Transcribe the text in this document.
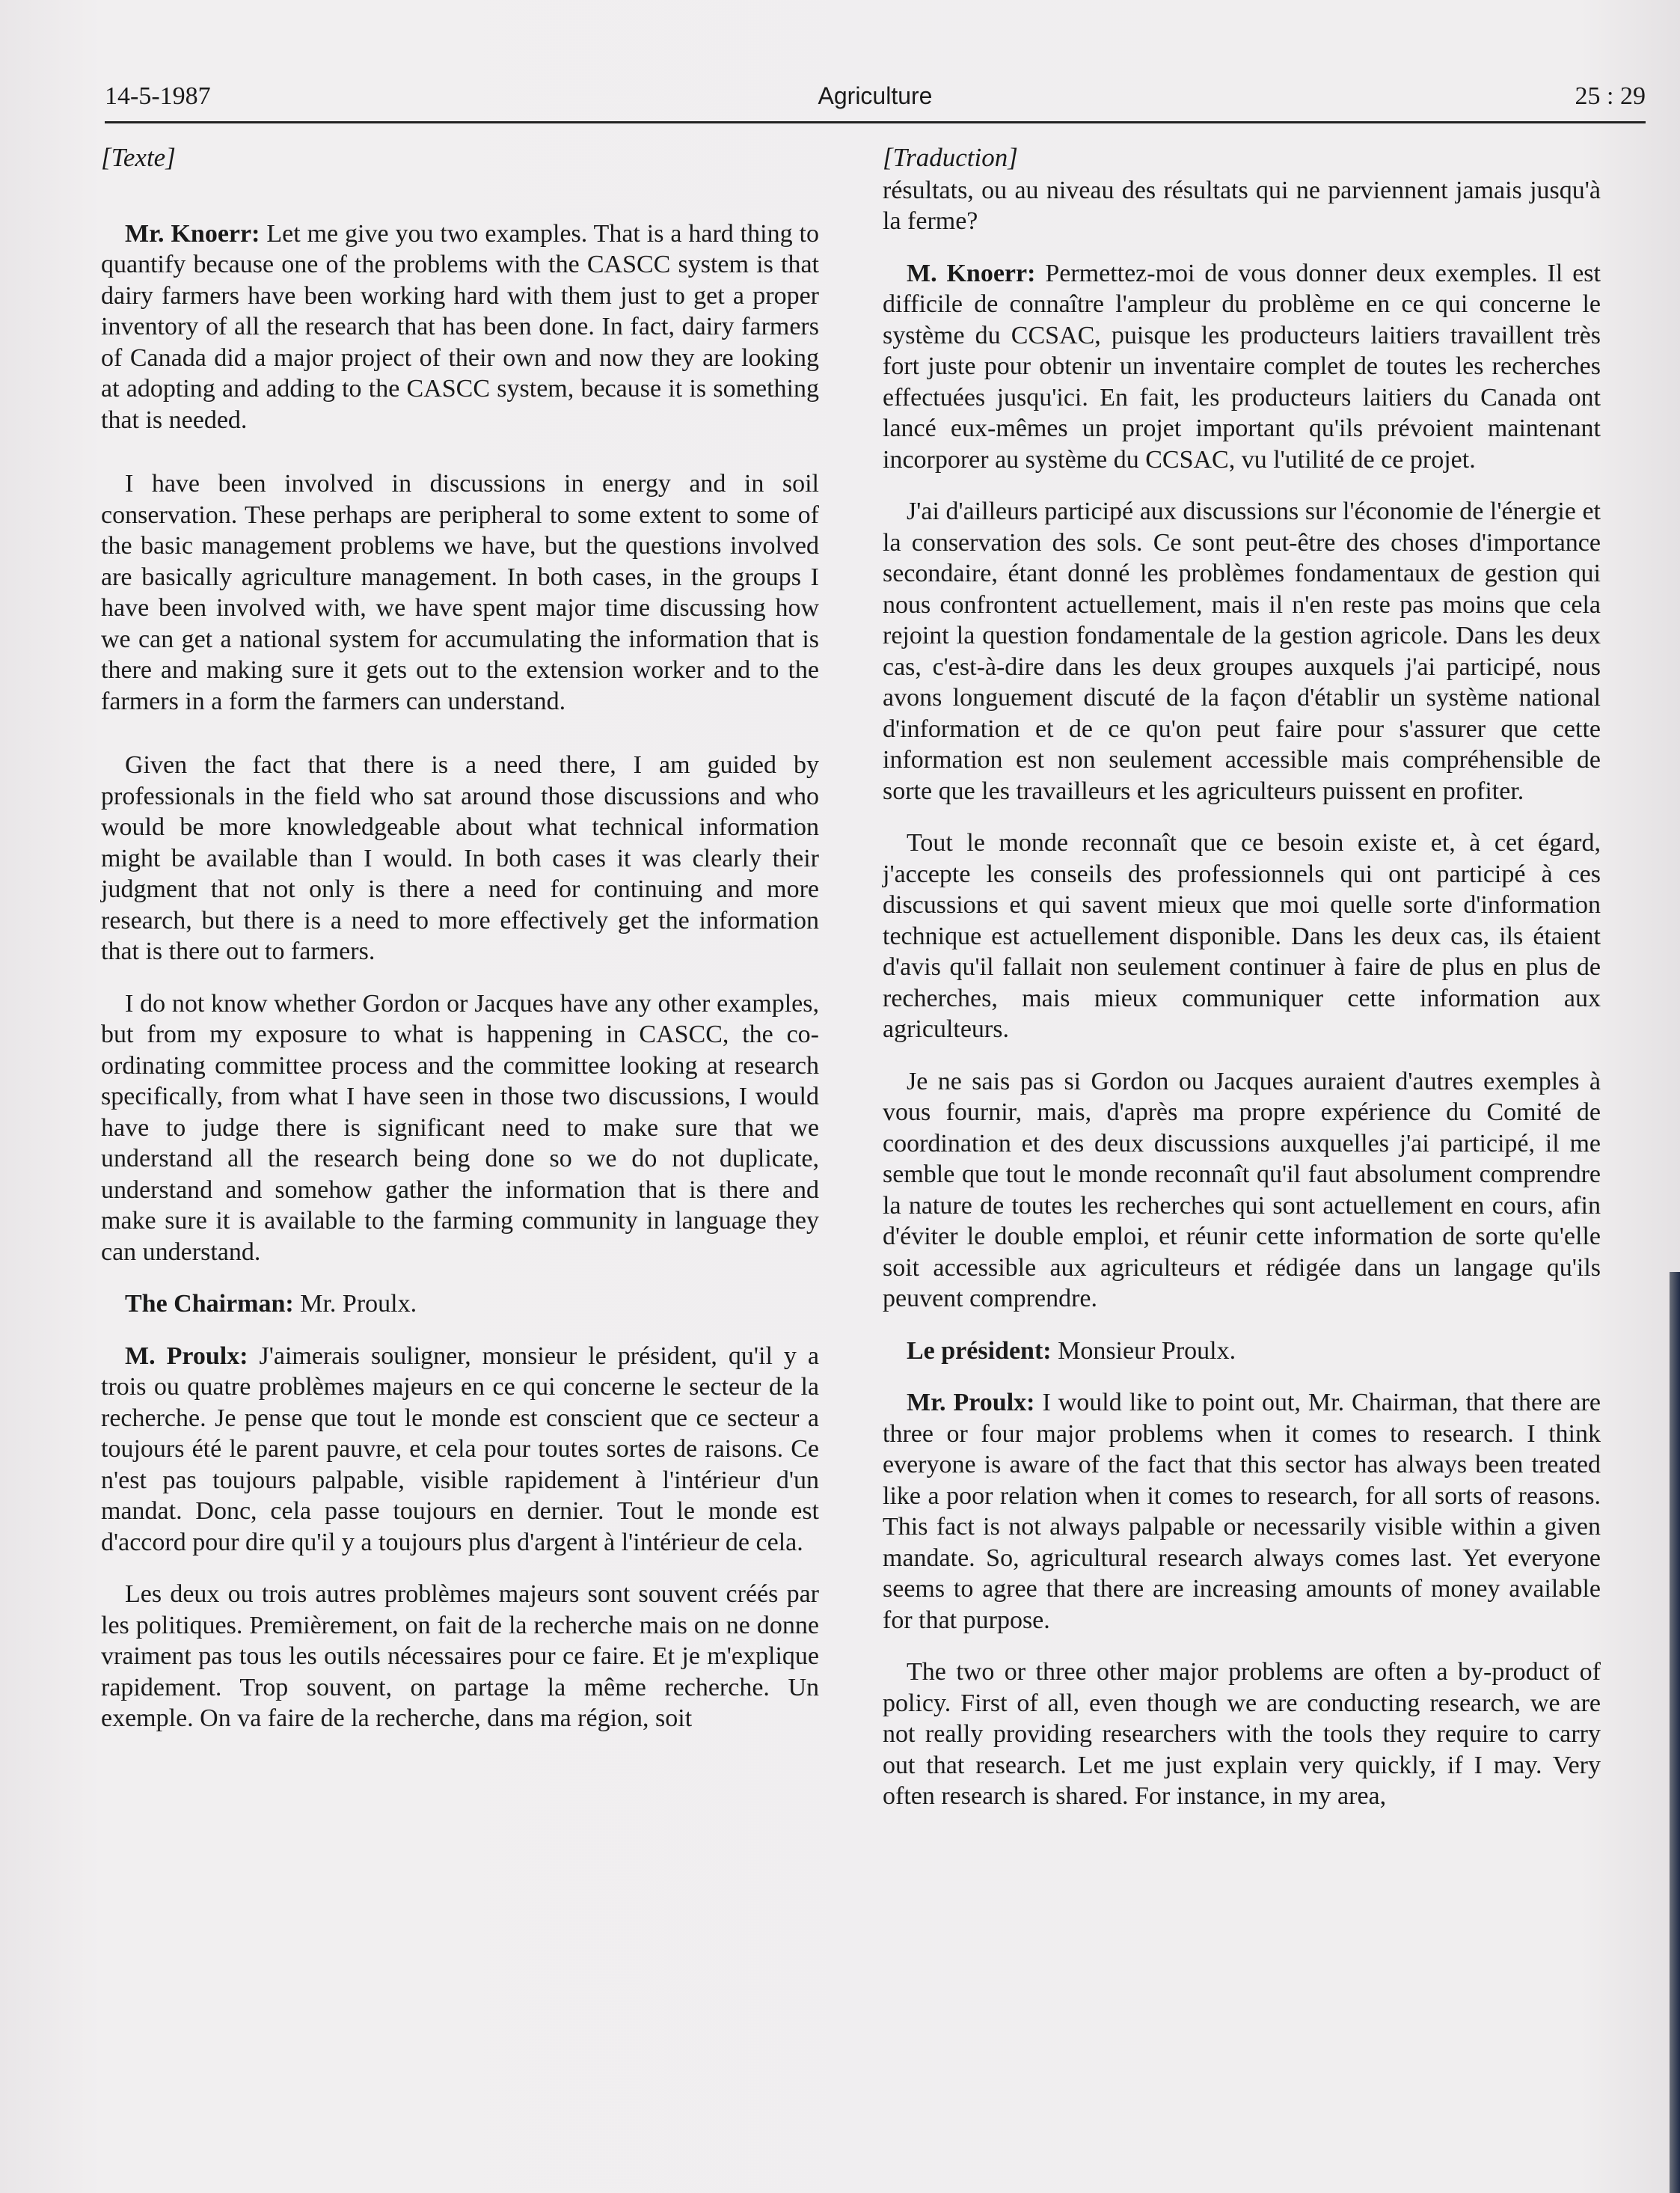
14-5-1987	Agriculture	25 : 29
[Texte]

Mr. Knoerr: Let me give you two examples. That is a hard thing to quantify because one of the problems with the CASCC system is that dairy farmers have been working hard with them just to get a proper inventory of all the research that has been done. In fact, dairy farmers of Canada did a major project of their own and now they are looking at adopting and adding to the CASCC system, because it is something that is needed.

I have been involved in discussions in energy and in soil conservation. These perhaps are peripheral to some extent to some of the basic management problems we have, but the questions involved are basically agriculture management. In both cases, in the groups I have been involved with, we have spent major time discussing how we can get a national system for accumulating the information that is there and making sure it gets out to the extension worker and to the farmers in a form the farmers can understand.

Given the fact that there is a need there, I am guided by professionals in the field who sat around those discussions and who would be more knowledgeable about what technical information might be available than I would. In both cases it was clearly their judgment that not only is there a need for continuing and more research, but there is a need to more effectively get the information that is there out to farmers.

I do not know whether Gordon or Jacques have any other examples, but from my exposure to what is happening in CASCC, the co-ordinating committee process and the committee looking at research specifically, from what I have seen in those two discussions, I would have to judge there is significant need to make sure that we understand all the research being done so we do not duplicate, understand and somehow gather the information that is there and make sure it is available to the farming community in language they can understand.

The Chairman: Mr. Proulx.

M. Proulx: J'aimerais souligner, monsieur le président, qu'il y a trois ou quatre problèmes majeurs en ce qui concerne le secteur de la recherche. Je pense que tout le monde est conscient que ce secteur a toujours été le parent pauvre, et cela pour toutes sortes de raisons. Ce n'est pas toujours palpable, visible rapidement à l'intérieur d'un mandat. Donc, cela passe toujours en dernier. Tout le monde est d'accord pour dire qu'il y a toujours plus d'argent à l'intérieur de cela.

Les deux ou trois autres problèmes majeurs sont souvent créés par les politiques. Premièrement, on fait de la recherche mais on ne donne vraiment pas tous les outils nécessaires pour ce faire. Et je m'explique rapidement. Trop souvent, on partage la même recherche. Un exemple. On va faire de la recherche, dans ma région, soit

[Traduction]

résultats, ou au niveau des résultats qui ne parviennent jamais jusqu'à la ferme?

M. Knoerr: Permettez-moi de vous donner deux exemples. Il est difficile de connaître l'ampleur du problème en ce qui concerne le système du CCSAC, puisque les producteurs laitiers travaillent très fort juste pour obtenir un inventaire complet de toutes les recherches effectuées jusqu'ici. En fait, les producteurs laitiers du Canada ont lancé eux-mêmes un projet important qu'ils prévoient maintenant incorporer au système du CCSAC, vu l'utilité de ce projet.

J'ai d'ailleurs participé aux discussions sur l'économie de l'énergie et la conservation des sols. Ce sont peut-être des choses d'importance secondaire, étant donné les problèmes fondamentaux de gestion qui nous confrontent actuellement, mais il n'en reste pas moins que cela rejoint la question fondamentale de la gestion agricole. Dans les deux cas, c'est-à-dire dans les deux groupes auxquels j'ai participé, nous avons longuement discuté de la façon d'établir un système national d'information et de ce qu'on peut faire pour s'assurer que cette information est non seulement accessible mais compréhensible de sorte que les travailleurs et les agriculteurs puissent en profiter.

Tout le monde reconnaît que ce besoin existe et, à cet égard, j'accepte les conseils des professionnels qui ont participé à ces discussions et qui savent mieux que moi quelle sorte d'information technique est actuellement disponible. Dans les deux cas, ils étaient d'avis qu'il fallait non seulement continuer à faire de plus en plus de recherches, mais mieux communiquer cette information aux agriculteurs.

Je ne sais pas si Gordon ou Jacques auraient d'autres exemples à vous fournir, mais, d'après ma propre expérience du Comité de coordination et des deux discussions auxquelles j'ai participé, il me semble que tout le monde reconnaît qu'il faut absolument comprendre la nature de toutes les recherches qui sont actuellement en cours, afin d'éviter le double emploi, et réunir cette information de sorte qu'elle soit accessible aux agriculteurs et rédigée dans un langage qu'ils peuvent comprendre.

Le président: Monsieur Proulx.

Mr. Proulx: I would like to point out, Mr. Chairman, that there are three or four major problems when it comes to research. I think everyone is aware of the fact that this sector has always been treated like a poor relation when it comes to research, for all sorts of reasons. This fact is not always palpable or necessarily visible within a given mandate. So, agricultural research always comes last. Yet everyone seems to agree that there are increasing amounts of money available for that purpose.

The two or three other major problems are often a by-product of policy. First of all, even though we are conducting research, we are not really providing researchers with the tools they require to carry out that research. Let me just explain very quickly, if I may. Very often research is shared. For instance, in my area,
